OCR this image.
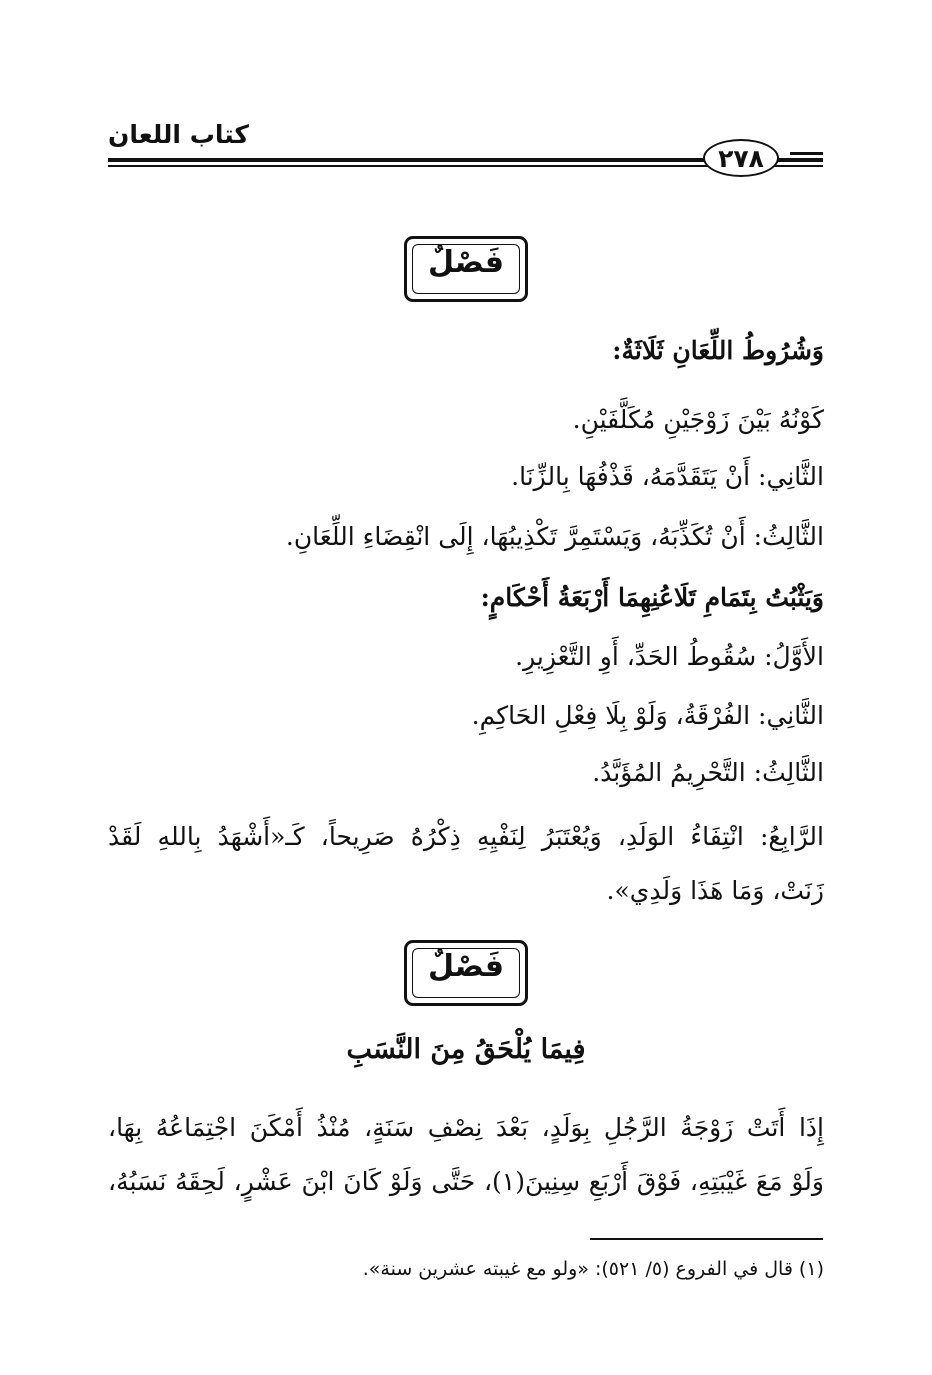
كتاب اللعان
٢٧٨
فَصْلٌ
وَشُرُوطُ اللِّعَانِ ثَلَاثَةٌ:
كَوْنُهُ بَيْنَ زَوْجَيْنِ مُكَلَّفَيْنِ.
الثَّانِي: أَنْ يَتَقَدَّمَهُ، قَذْفُهَا بِالزِّنَا.
الثَّالِثُ: أَنْ تُكَذِّبَهُ، وَيَسْتَمِرَّ تَكْذِيبُهَا، إِلَى انْقِضَاءِ اللِّعَانِ.
وَيَثْبُتُ بِتَمَامِ تَلَاعُنِهِمَا أَرْبَعَةُ أَحْكَامٍ:
الأَوَّلُ: سُقُوطُ الحَدِّ، أَوِ التَّعْزِيرِ.
الثَّانِي: الفُرْقَةُ، وَلَوْ بِلَا فِعْلِ الحَاكِمِ.
الثَّالِثُ: التَّحْرِيمُ المُؤَبَّدُ.
الرَّابِعُ: انْتِفَاءُ الوَلَدِ، وَيُعْتَبَرُ لِنَفْيِهِ ذِكْرُهُ صَرِيحاً، كَـ«أَشْهَدُ بِاللهِ لَقَدْ
زَنَتْ، وَمَا هَذَا وَلَدِي».
فَصْلٌ
فِيمَا يُلْحَقُ مِنَ النَّسَبِ
إِذَا أَتَتْ زَوْجَةُ الرَّجُلِ بِوَلَدٍ، بَعْدَ نِصْفِ سَنَةٍ، مُنْذُ أَمْكَنَ اجْتِمَاعُهُ بِهَا،
وَلَوْ مَعَ غَيْبَتِهِ، فَوْقَ أَرْبَعِ سِنِينَ(١)، حَتَّى وَلَوْ كَانَ ابْنَ عَشْرٍ، لَحِقَهُ نَسَبُهُ،
(١) قال في الفروع (٥/ ٥٢١): «ولو مع غيبته عشرين سنة».
